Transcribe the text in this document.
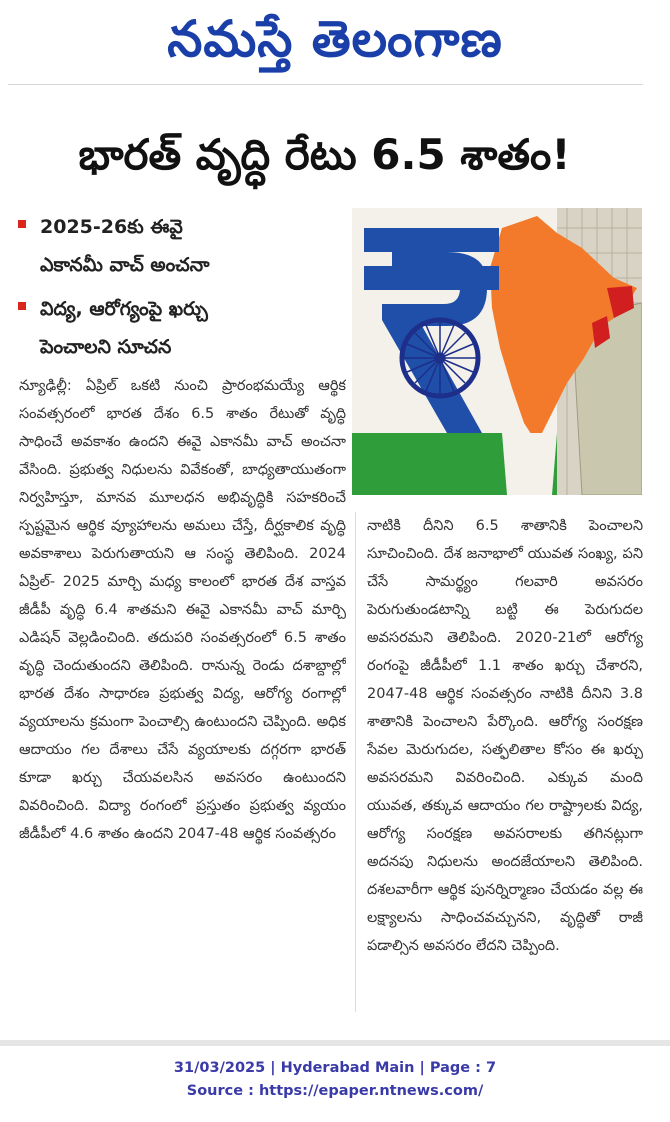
నమస్తే తెలంగాణ
భారత్ వృద్ధి రేటు 6.5 శాతం!
2025-26కు ఈవై
ఎకానమీ వాచ్ అంచనా
విద్య, ఆరోగ్యంపై ఖర్చు
పెంచాలని సూచన
న్యూఢిల్లీ: ఏప్రిల్ ఒకటి నుంచి ప్రారంభమయ్యే ఆర్థిక సంవత్సరంలో భారత దేశం 6.5 శాతం రేటుతో వృద్ధి సాధించే అవకాశం ఉందని ఈవై ఎకానమీ వాచ్ అంచనా వేసింది. ప్రభుత్వ నిధులను వివేకంతో, బాధ్యతాయుతంగా నిర్వహిస్తూ, మానవ మూలధన అభివృద్ధికి సహకరించే స్పష్టమైన ఆర్థిక వ్యూహాలను అమలు చేస్తే, దీర్ఘకాలిక వృద్ధి అవకాశాలు పెరుగుతాయని ఆ సంస్థ తెలిపింది. 2024 ఏప్రిల్- 2025 మార్చి మధ్య కాలంలో భారత దేశ వాస్తవ జీడీపీ వృద్ధి 6.4 శాతమని ఈవై ఎకానమీ వాచ్ మార్చి ఎడిషన్ వెల్లడించింది. తదుపరి సంవత్సరంలో 6.5 శాతం వృద్ధి చెందుతుందని తెలిపింది. రానున్న రెండు దశాబ్దాల్లో భారత దేశం సాధారణ ప్రభుత్వ విద్య, ఆరోగ్య రంగాల్లో వ్యయాలను క్రమంగా పెంచాల్సి ఉంటుందని చెప్పింది. అధిక ఆదాయం గల దేశాలు చేసే వ్యయాలకు దగ్గరగా భారత్ కూడా ఖర్చు చేయవలసిన అవసరం ఉంటుందని వివరించింది. విద్యా రంగంలో ప్రస్తుతం ప్రభుత్వ వ్యయం జీడీపీలో 4.6 శాతం ఉందని 2047-48 ఆర్థిక సంవత్సరం
నాటికి దీనిని 6.5 శాతానికి పెంచాలని సూచించింది. దేశ జనాభాలో యువత సంఖ్య, పని చేసే సామర్థ్యం గలవారి అవసరం పెరుగుతుండటాన్ని బట్టి ఈ పెరుగుదల అవసరమని తెలిపింది. 2020-21లో ఆరోగ్య రంగంపై జీడీపీలో 1.1 శాతం ఖర్చు చేశారని, 2047-48 ఆర్థిక సంవత్సరం నాటికి దీనిని 3.8 శాతానికి పెంచాలని పేర్కొంది. ఆరోగ్య సంరక్షణ సేవల మెరుగుదల, సత్ఫలితాల కోసం ఈ ఖర్చు అవసరమని వివరించింది. ఎక్కువ మంది యువత, తక్కువ ఆదాయం గల రాష్ట్రాలకు విద్య, ఆరోగ్య సంరక్షణ అవసరాలకు తగినట్లుగా అదనపు నిధులను అందజేయాలని తెలిపింది. దశలవారీగా ఆర్థిక పునర్నిర్మాణం చేయడం వల్ల ఈ లక్ష్యాలను సాధించవచ్చునని, వృద్ధితో రాజీ పడాల్సిన అవసరం లేదని చెప్పింది.
31/03/2025 | Hyderabad Main | Page : 7
Source : https://epaper.ntnews.com/
